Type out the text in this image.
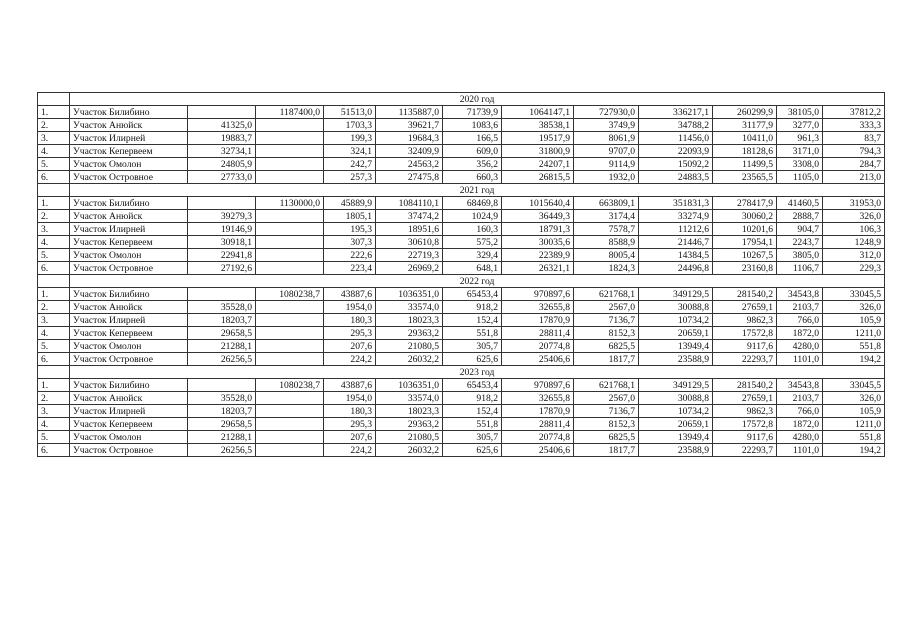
	2020 год											
1.	Участок Билибино		1187400,0	51513,0	1135887,0	71739,9	1064147,1	727930,0	336217,1	260299,9	38105,0	37812,2
2.	Участок Анюйск	41325,0		1703,3	39621,7	1083,6	38538,1	3749,9	34788,2	31177,9	3277,0	333,3
3.	Участок Илирней	19883,7		199,3	19684,3	166,5	19517,9	8061,9	11456,0	10411,0	961,3	83,7
4.	Участок Кепервеем	32734,1		324,1	32409,9	609,0	31800,9	9707,0	22093,9	18128,6	3171,0	794,3
5.	Участок Омолон	24805,9		242,7	24563,2	356,2	24207,1	9114,9	15092,2	11499,5	3308,0	284,7
6.	Участок Островное	27733,0		257,3	27475,8	660,3	26815,5	1932,0	24883,5	23565,5	1105,0	213,0
	2021 год											
1.	Участок Билибино		1130000,0	45889,9	1084110,1	68469,8	1015640,4	663809,1	351831,3	278417,9	41460,5	31953,0
2.	Участок Анюйск	39279,3		1805,1	37474,2	1024,9	36449,3	3174,4	33274,9	30060,2	2888,7	326,0
3.	Участок Илирней	19146,9		195,3	18951,6	160,3	18791,3	7578,7	11212,6	10201,6	904,7	106,3
4.	Участок Кепервеем	30918,1		307,3	30610,8	575,2	30035,6	8588,9	21446,7	17954,1	2243,7	1248,9
5.	Участок Омолон	22941,8		222,6	22719,3	329,4	22389,9	8005,4	14384,5	10267,5	3805,0	312,0
6.	Участок Островное	27192,6		223,4	26969,2	648,1	26321,1	1824,3	24496,8	23160,8	1106,7	229,3
	2022 год											
1.	Участок Билибино		1080238,7	43887,6	1036351,0	65453,4	970897,6	621768,1	349129,5	281540,2	34543,8	33045,5
2.	Участок Анюйск	35528,0		1954,0	33574,0	918,2	32655,8	2567,0	30088,8	27659,1	2103,7	326,0
3.	Участок Илирней	18203,7		180,3	18023,3	152,4	17870,9	7136,7	10734,2	9862,3	766,0	105,9
4.	Участок Кепервеем	29658,5		295,3	29363,2	551,8	28811,4	8152,3	20659,1	17572,8	1872,0	1211,0
5.	Участок Омолон	21288,1		207,6	21080,5	305,7	20774,8	6825,5	13949,4	9117,6	4280,0	551,8
6.	Участок Островное	26256,5		224,2	26032,2	625,6	25406,6	1817,7	23588,9	22293,7	1101,0	194,2
	2023 год											
1.	Участок Билибино		1080238,7	43887,6	1036351,0	65453,4	970897,6	621768,1	349129,5	281540,2	34543,8	33045,5
2.	Участок Анюйск	35528,0		1954,0	33574,0	918,2	32655,8	2567,0	30088,8	27659,1	2103,7	326,0
3.	Участок Илирней	18203,7		180,3	18023,3	152,4	17870,9	7136,7	10734,2	9862,3	766,0	105,9
4.	Участок Кепервеем	29658,5		295,3	29363,2	551,8	28811,4	8152,3	20659,1	17572,8	1872,0	1211,0
5.	Участок Омолон	21288,1		207,6	21080,5	305,7	20774,8	6825,5	13949,4	9117,6	4280,0	551,8
6.	Участок Островное	26256,5		224,2	26032,2	625,6	25406,6	1817,7	23588,9	22293,7	1101,0	194,2
